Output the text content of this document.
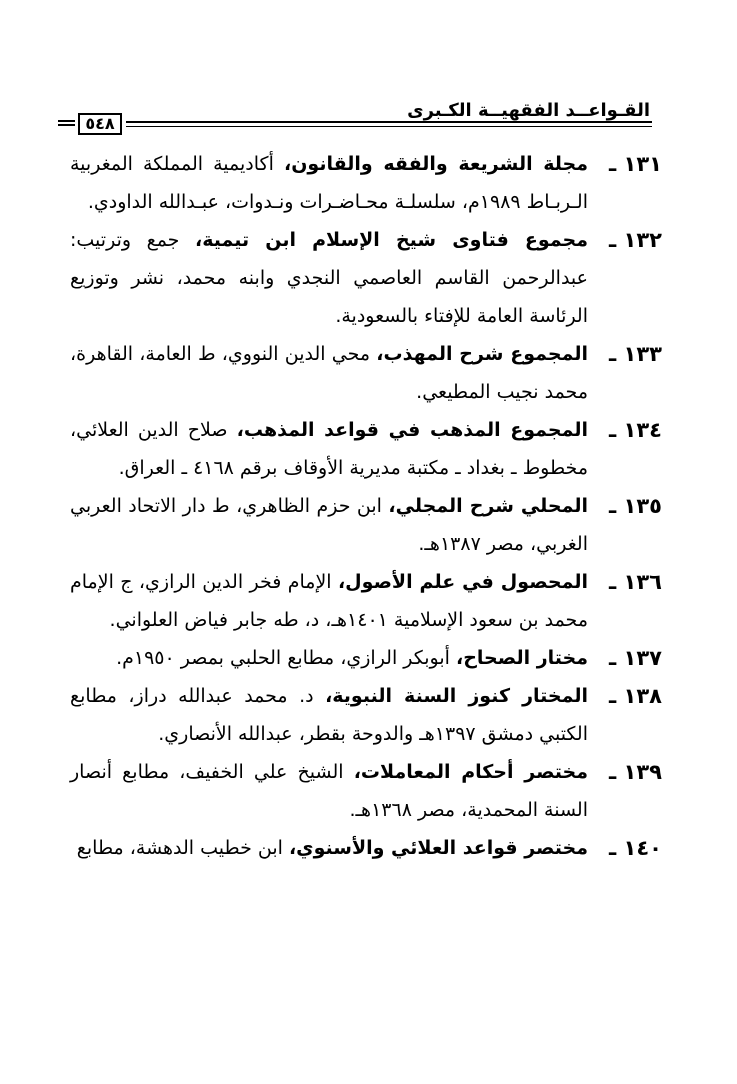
القـواعــد الفقهيــة الكـبرى
٥٤٨
١٣١ ـ
مجلة الشريعة والفقه والقانون، أكاديمية المملكة المغربية الـربـاط ١٩٨٩م، سلسلـة محـاضـرات ونـدوات، عبـدالله الداودي.
١٣٢ ـ
مجموع فتاوى شيخ الإسلام ابن تيمية، جمع وترتيب: عبدالرحمن القاسم العاصمي النجدي وابنه محمد، نشر وتوزيع الرئاسة العامة للإفتاء بالسعودية.
١٣٣ ـ
المجموع شرح المهذب، محي الدين النووي، ط العامة، القاهرة، محمد نجيب المطيعي.
١٣٤ ـ
المجموع المذهب في قواعد المذهب، صلاح الدين العلائي، مخطوط ـ بغداد ـ مكتبة مديرية الأوقاف برقم ٤١٦٨ ـ العراق.
١٣٥ ـ
المحلي شرح المجلي، ابن حزم الظاهري، ط دار الاتحاد العربي الغربي، مصر ١٣٨٧هـ.
١٣٦ ـ
المحصول في علم الأصول، الإمام فخر الدين الرازي، ج الإمام محمد بن سعود الإسلامية ١٤٠١هـ، د، طه جابر فياض العلواني.
١٣٧ ـ
مختار الصحاح، أبوبكر الرازي، مطابع الحلبي بمصر ١٩٥٠م.
١٣٨ ـ
المختار كنوز السنة النبوية، د. محمد عبدالله دراز، مطابع الكتبي دمشق ١٣٩٧هـ والدوحة بقطر، عبدالله الأنصاري.
١٣٩ ـ
مختصر أحكام المعاملات، الشيخ علي الخفيف، مطابع أنصار السنة المحمدية، مصر ١٣٦٨هـ.
١٤٠ ـ
مختصر قواعد العلائي والأسنوي، ابن خطيب الدهشة، مطابع
